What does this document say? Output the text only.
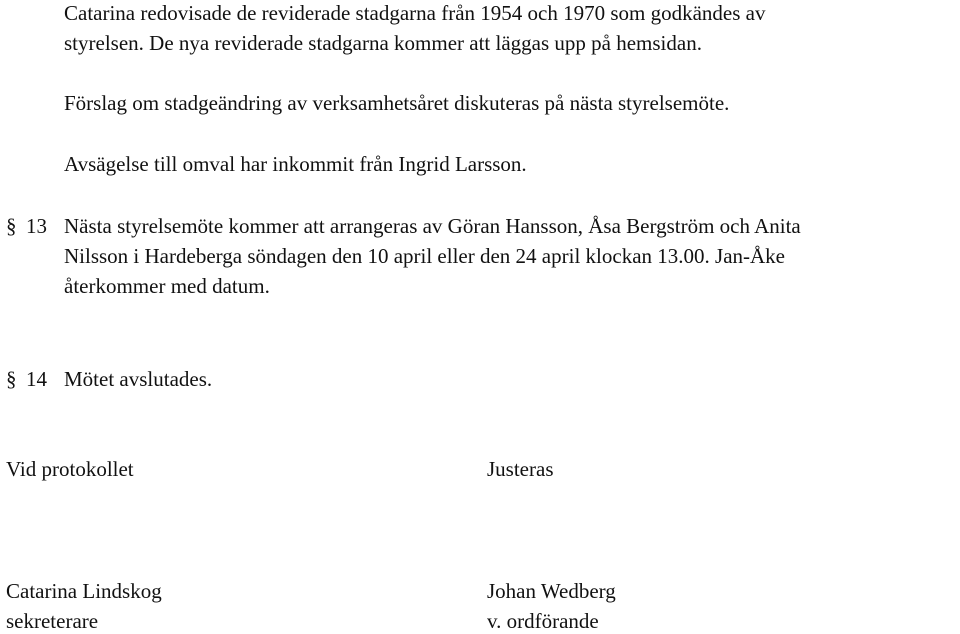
Catarina redovisade de reviderade stadgarna från 1954 och 1970 som godkändes av
styrelsen. De nya reviderade stadgarna kommer att läggas upp på hemsidan.
Förslag om stadgeändring av verksamhetsåret diskuteras på nästa styrelsemöte.
Avsägelse till omval har inkommit från Ingrid Larsson.
§ 13 Nästa styrelsemöte kommer att arrangeras av Göran Hansson, Åsa Bergström och Anita
Nilsson i Hardeberga söndagen den 10 april eller den 24 april klockan 13.00. Jan-Åke
återkommer med datum.
§ 14 Mötet avslutades.
Vid protokollet	Justeras
Catarina Lindskog
sekreterare
Johan Wedberg
v. ordförande
